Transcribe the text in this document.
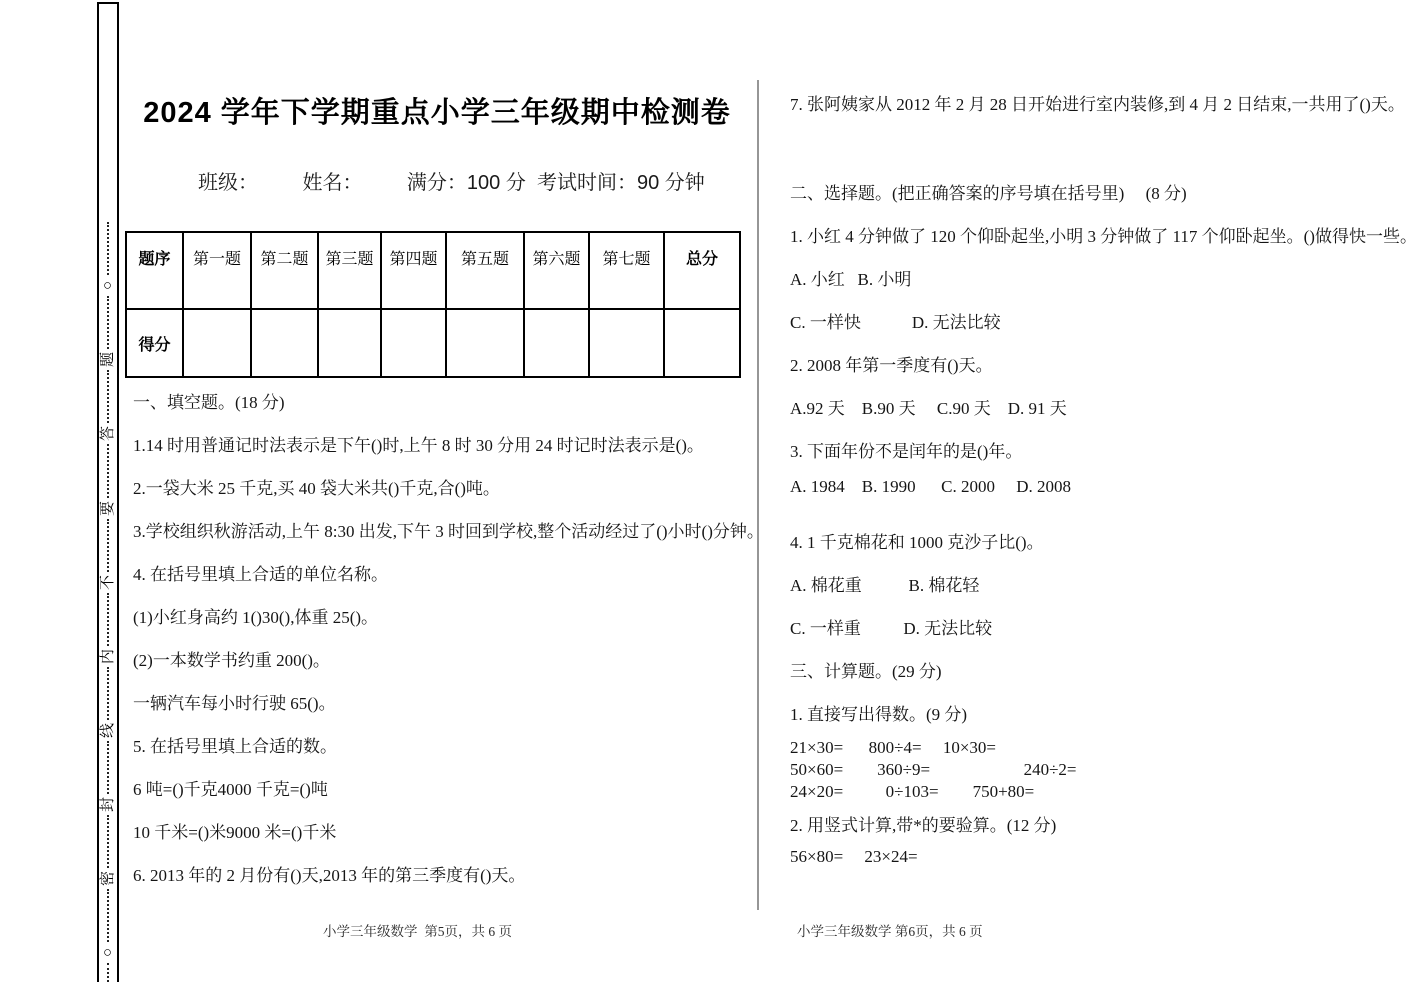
○
题
答
要
不
内
线
封
密
○
2024 学年下学期重点小学三年级期中检测卷
班级：        姓名：        满分：100 分  考试时间：90 分钟
题序	第一题	第二题	第三题	第四题	第五题	第六题	第七题	总分
得分								
一、填空题。(18 分)
1.14 时用普通记时法表示是下午()时,上午 8 时 30 分用 24 时记时法表示是()。
2.一袋大米 25 千克,买 40 袋大米共()千克,合()吨。
3.学校组织秋游活动,上午 8:30 出发,下午 3 时回到学校,整个活动经过了()小时()分钟。
4. 在括号里填上合适的单位名称。
(1)小红身高约 1()30(),体重 25()。
(2)一本数学书约重 200()。
一辆汽车每小时行驶 65()。
5. 在括号里填上合适的数。
6 吨=()千克4000 千克=()吨
10 千米=()米9000 米=()千米
6. 2013 年的 2 月份有()天,2013 年的第三季度有()天。
7. 张阿姨家从 2012 年 2 月 28 日开始进行室内装修,到 4 月 2 日结束,一共用了()天。
二、选择题。(把正确答案的序号填在括号里)     (8 分)
1. 小红 4 分钟做了 120 个仰卧起坐,小明 3 分钟做了 117 个仰卧起坐。()做得快一些。
A. 小红   B. 小明
C. 一样快            D. 无法比较
2. 2008 年第一季度有()天。
A.92 天    B.90 天     C.90 天    D. 91 天
3. 下面年份不是闰年的是()年。
A. 1984    B. 1990      C. 2000     D. 2008
4. 1 千克棉花和 1000 克沙子比()。
A. 棉花重           B. 棉花轻
C. 一样重          D. 无法比较
三、计算题。(29 分)
1. 直接写出得数。(9 分)
21×30=      800÷4=     10×30=
50×60=        360÷9=                      240÷2=
24×20=          0÷103=        750+80=
2. 用竖式计算,带*的要验算。(12 分)
56×80=     23×24=
小学三年级数学  第5页，共 6 页	小学三年级数学 第6页，共 6 页
